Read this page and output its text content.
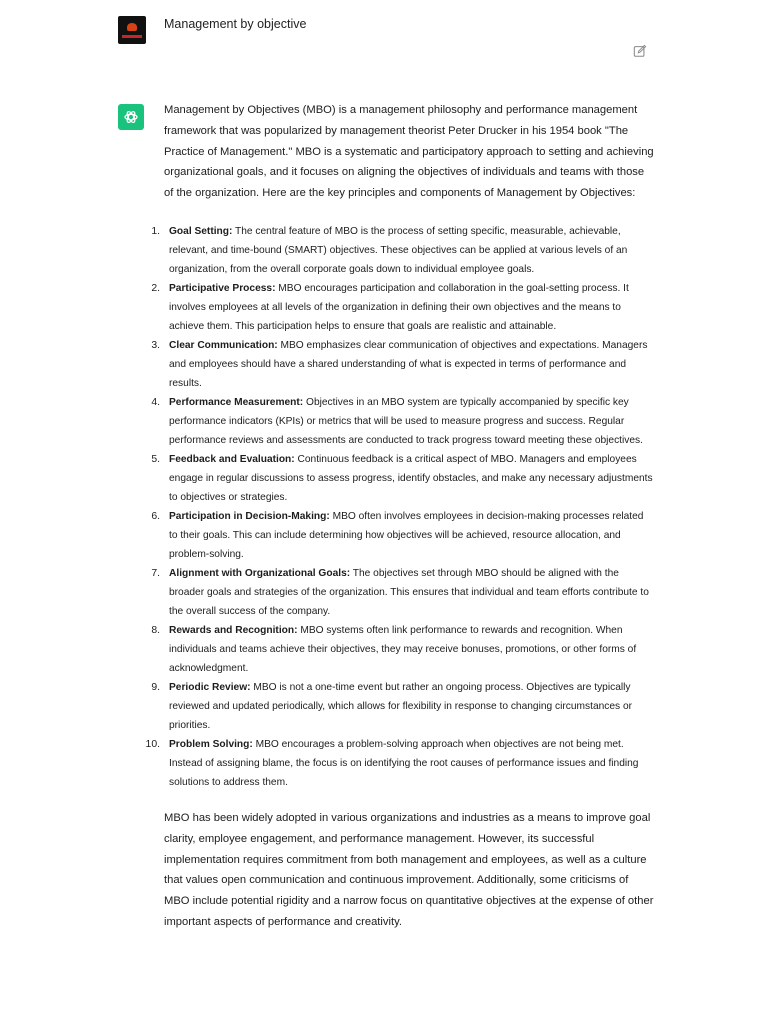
Management by objective

Management by Objectives (MBO) is a management philosophy and performance management framework that was popularized by management theorist Peter Drucker in his 1954 book "The Practice of Management." MBO is a systematic and participatory approach to setting and achieving organizational goals, and it focuses on aligning the objectives of individuals and teams with those of the organization. Here are the key principles and components of Management by Objectives:

1. Goal Setting: The central feature of MBO is the process of setting specific, measurable, achievable, relevant, and time-bound (SMART) objectives. These objectives can be applied at various levels of an organization, from the overall corporate goals down to individual employee goals.
2. Participative Process: MBO encourages participation and collaboration in the goal-setting process. It involves employees at all levels of the organization in defining their own objectives and the means to achieve them. This participation helps to ensure that goals are realistic and attainable.
3. Clear Communication: MBO emphasizes clear communication of objectives and expectations. Managers and employees should have a shared understanding of what is expected in terms of performance and results.
4. Performance Measurement: Objectives in an MBO system are typically accompanied by specific key performance indicators (KPIs) or metrics that will be used to measure progress and success. Regular performance reviews and assessments are conducted to track progress toward meeting these objectives.
5. Feedback and Evaluation: Continuous feedback is a critical aspect of MBO. Managers and employees engage in regular discussions to assess progress, identify obstacles, and make any necessary adjustments to objectives or strategies.
6. Participation in Decision-Making: MBO often involves employees in decision-making processes related to their goals. This can include determining how objectives will be achieved, resource allocation, and problem-solving.
7. Alignment with Organizational Goals: The objectives set through MBO should be aligned with the broader goals and strategies of the organization. This ensures that individual and team efforts contribute to the overall success of the company.
8. Rewards and Recognition: MBO systems often link performance to rewards and recognition. When individuals and teams achieve their objectives, they may receive bonuses, promotions, or other forms of acknowledgment.
9. Periodic Review: MBO is not a one-time event but rather an ongoing process. Objectives are typically reviewed and updated periodically, which allows for flexibility in response to changing circumstances or priorities.
10. Problem Solving: MBO encourages a problem-solving approach when objectives are not being met. Instead of assigning blame, the focus is on identifying the root causes of performance issues and finding solutions to address them.

MBO has been widely adopted in various organizations and industries as a means to improve goal clarity, employee engagement, and performance management. However, its successful implementation requires commitment from both management and employees, as well as a culture that values open communication and continuous improvement. Additionally, some criticisms of MBO include potential rigidity and a narrow focus on quantitative objectives at the expense of other important aspects of performance and creativity.
